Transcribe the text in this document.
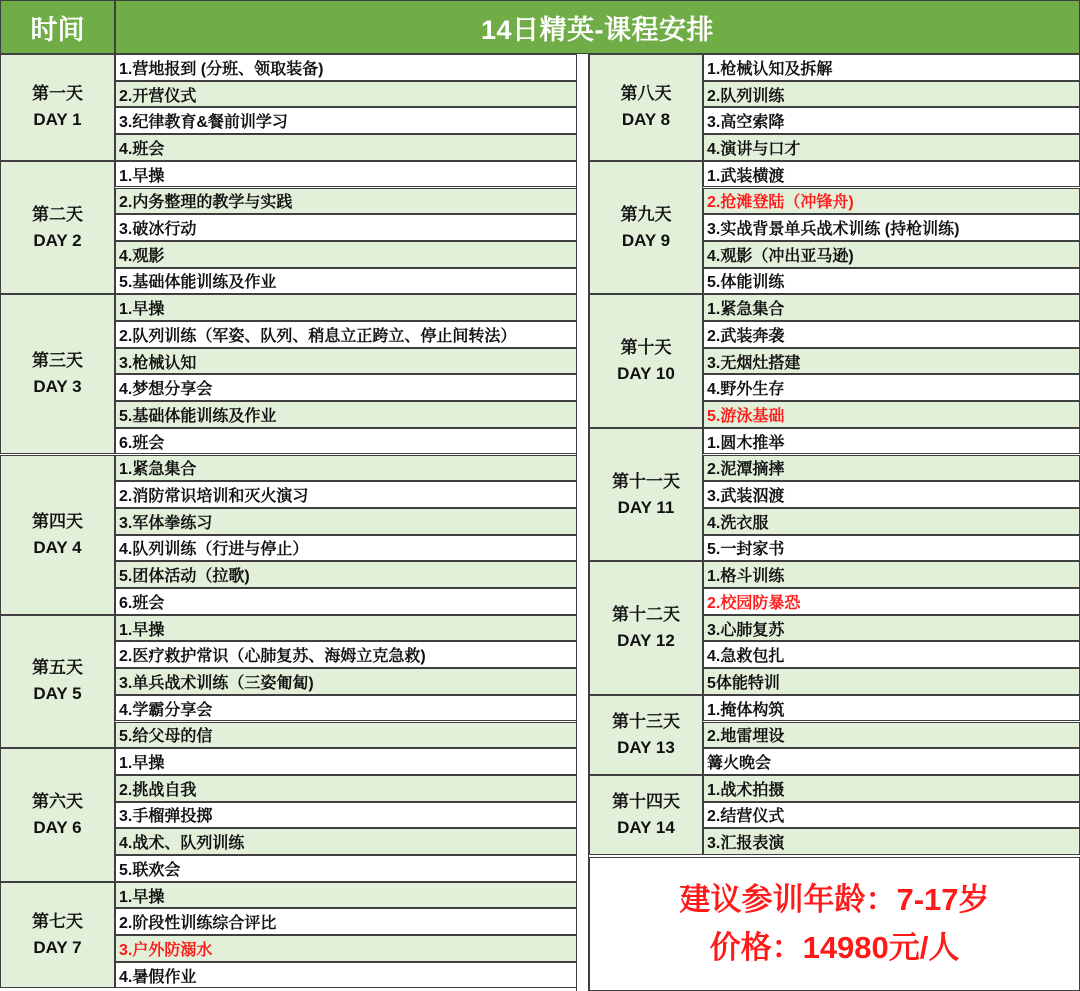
时间	14日精英-课程安排
第一天
DAY 1
1.营地报到 (分班、领取装备)
2.开营仪式
3.纪律教育&餐前训学习
4.班会
第二天
DAY 2
1.早操
2.内务整理的教学与实践
3.破冰行动
4.观影
5.基础体能训练及作业
第三天
DAY 3
1.早操
2.队列训练（军姿、队列、稍息立正跨立、停止间转法）
3.枪械认知
4.梦想分享会
5.基础体能训练及作业
6.班会
第四天
DAY 4
1.紧急集合
2.消防常识培训和灭火演习
3.军体拳练习
4.队列训练（行进与停止）
5.团体活动（拉歌)
6.班会
第五天
DAY 5
1.早操
2.医疗救护常识（心肺复苏、海姆立克急救)
3.单兵战术训练（三姿匍匐)
4.学霸分享会
5.给父母的信
第六天
DAY 6
1.早操
2.挑战自我
3.手榴弹投掷
4.战术、队列训练
5.联欢会
第七天
DAY 7
1.早操
2.阶段性训练综合评比
3.户外防溺水
4.暑假作业
第八天
DAY 8
1.枪械认知及拆解
2.队列训练
3.高空索降
4.演讲与口才
第九天
DAY 9
1.武装横渡
2.抢滩登陆（冲锋舟)
3.实战背景单兵战术训练 (持枪训练)
4.观影（冲出亚马逊)
5.体能训练
第十天
DAY 10
1.紧急集合
2.武装奔袭
3.无烟灶搭建
4.野外生存
5.游泳基础
第十一天
DAY 11
1.圆木推举
2.泥潭摘摔
3.武装泅渡
4.洗衣服
5.一封家书
第十二天
DAY 12
1.格斗训练
2.校园防暴恐
3.心肺复苏
4.急救包扎
5体能特训
第十三天
DAY 13
1.掩体构筑
2.地雷埋设
篝火晚会
第十四天
DAY 14
1.战术拍摄
2.结营仪式
3.汇报表演
建议参训年龄：7-17岁
价格：14980元/人
